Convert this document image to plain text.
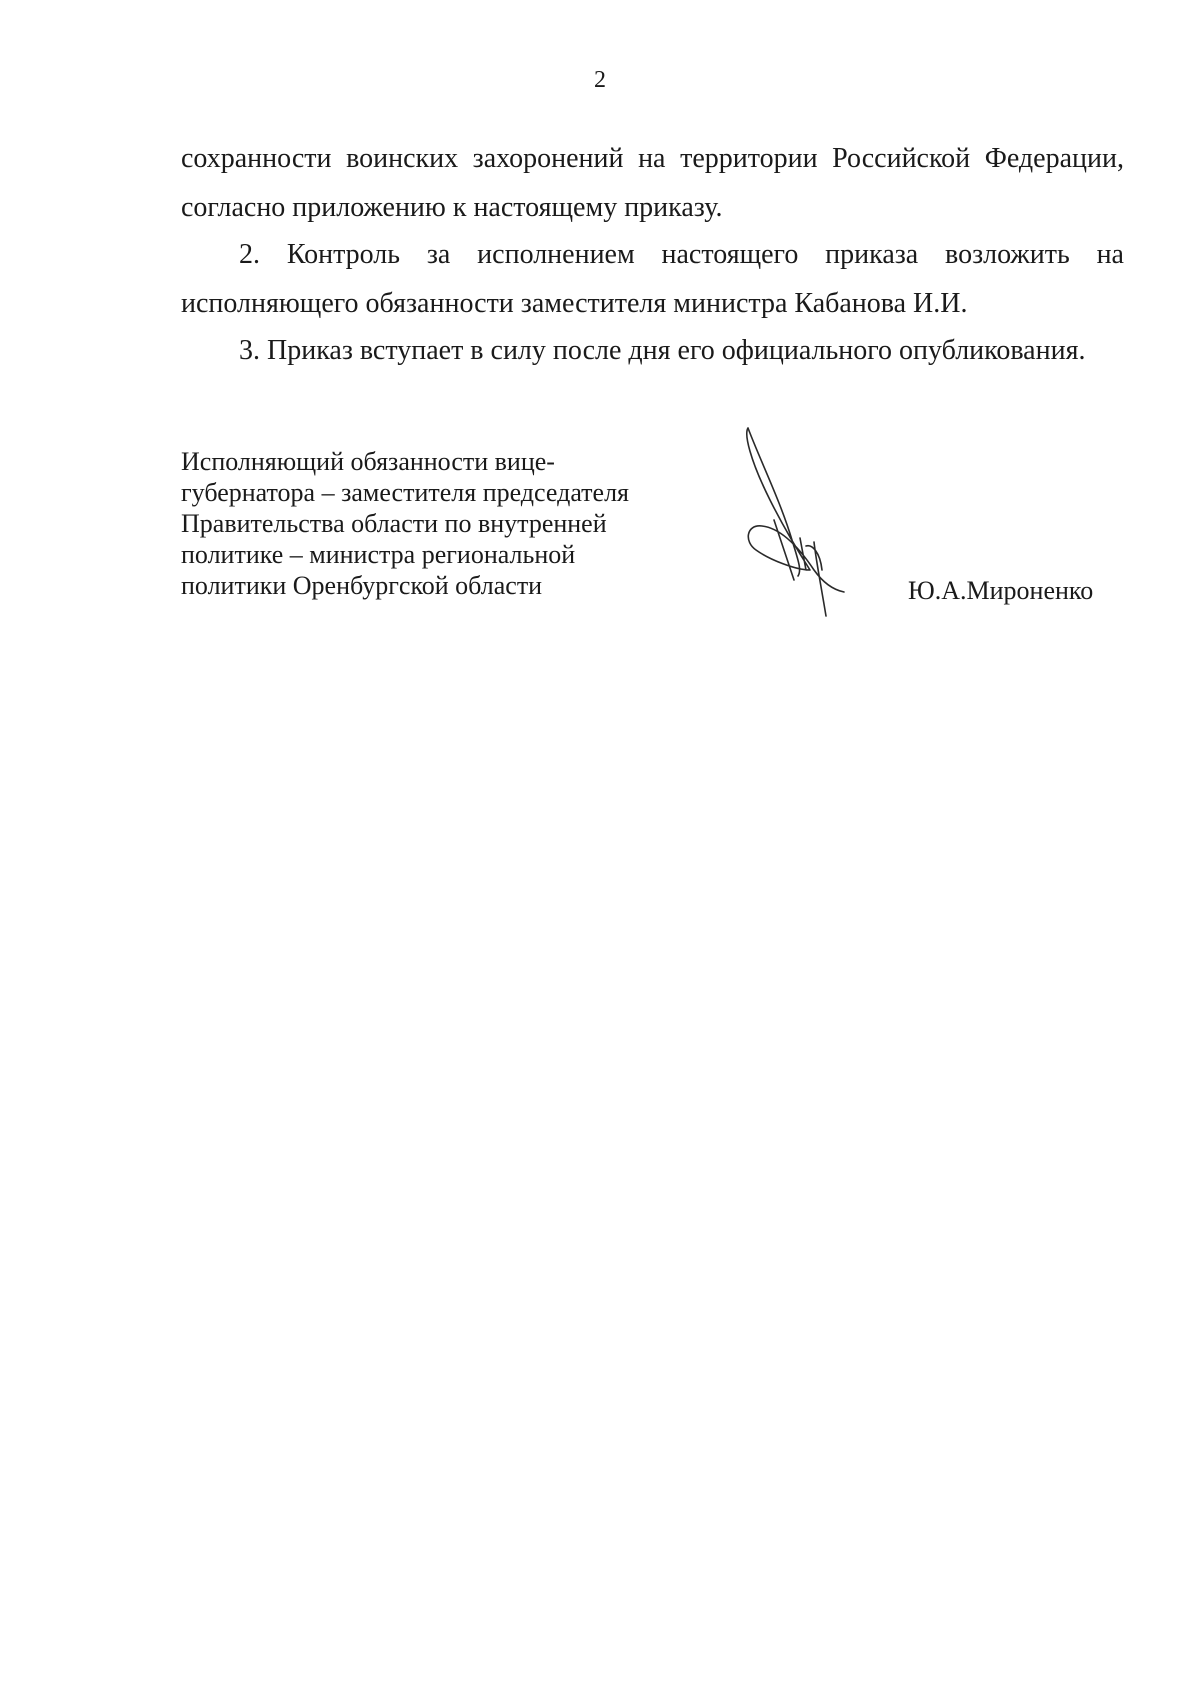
2
сохранности воинских захоронений на территории Российской Федерации,
согласно приложению к настоящему приказу.
2. Контроль за исполнением настоящего приказа возложить на
исполняющего обязанности заместителя министра Кабанова И.И.
3. Приказ вступает в силу после дня его официального опубликования.
Исполняющий обязанности вице-
губернатора – заместителя председателя
Правительства области по внутренней
политике – министра региональной
политики Оренбургской области	Ю.А.Мироненко
